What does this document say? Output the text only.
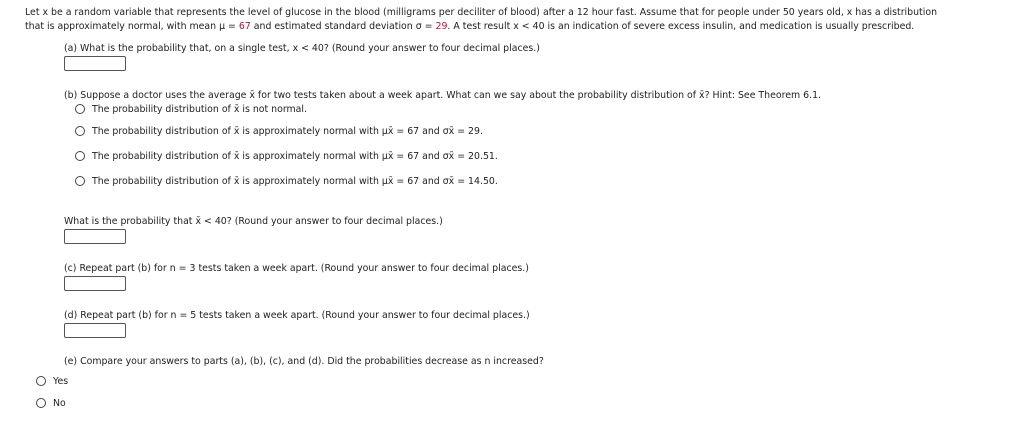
Let x be a random variable that represents the level of glucose in the blood (milligrams per deciliter of blood) after a 12 hour fast. Assume that for people under 50 years old, x has a distribution
that is approximately normal, with mean μ = 67 and estimated standard deviation σ = 29. A test result x < 40 is an indication of severe excess insulin, and medication is usually prescribed.
(a) What is the probability that, on a single test, x < 40? (Round your answer to four decimal places.)
(b) Suppose a doctor uses the average x̄ for two tests taken about a week apart. What can we say about the probability distribution of x̄? Hint: See Theorem 6.1.
The probability distribution of x̄ is not normal.
The probability distribution of x̄ is approximately normal with μx̄ = 67 and σx̄ = 29.
The probability distribution of x̄ is approximately normal with μx̄ = 67 and σx̄ = 20.51.
The probability distribution of x̄ is approximately normal with μx̄ = 67 and σx̄ = 14.50.
What is the probability that x̄ < 40? (Round your answer to four decimal places.)
(c) Repeat part (b) for n = 3 tests taken a week apart. (Round your answer to four decimal places.)
(d) Repeat part (b) for n = 5 tests taken a week apart. (Round your answer to four decimal places.)
(e) Compare your answers to parts (a), (b), (c), and (d). Did the probabilities decrease as n increased?
Yes
No
